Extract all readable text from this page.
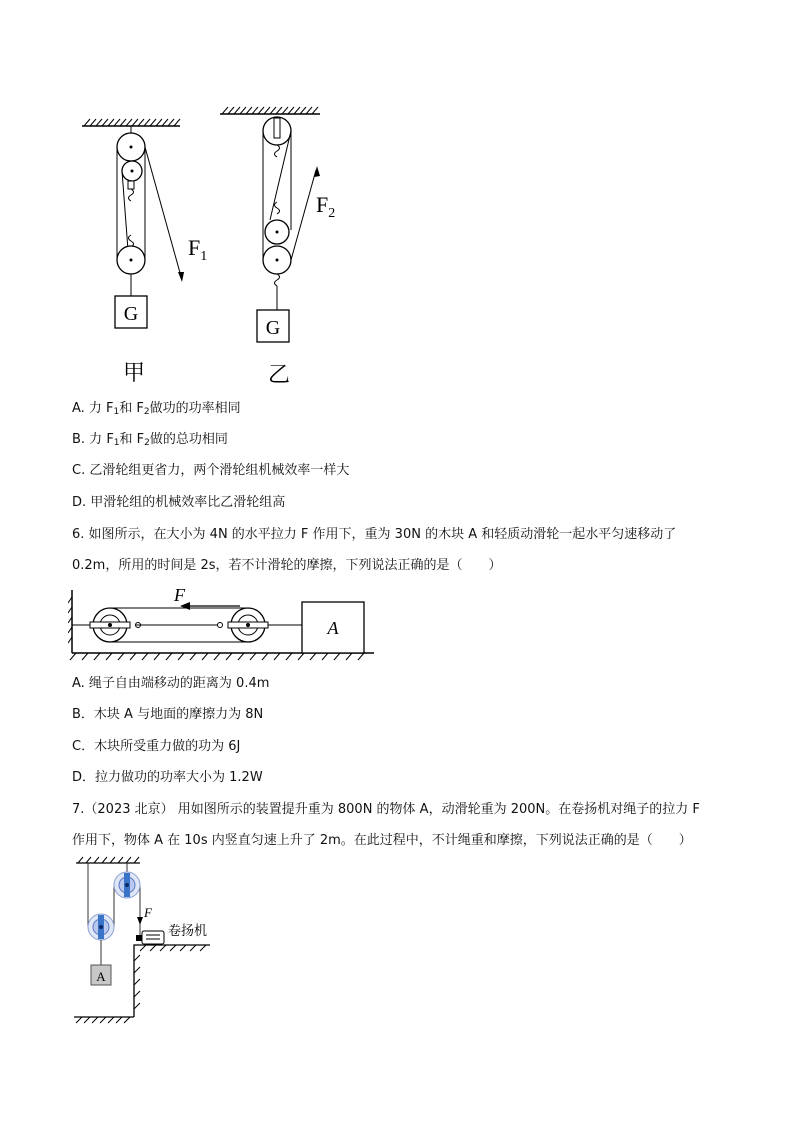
G
$F_1$
甲
G
$F_2$
乙
A. 力 $F_1$和 $F_2$做功的功率相同
B. 力 $F_1$和 $F_2$做的总功相同
C. 乙滑轮组更省力，两个滑轮组机械效率一样大
D. 甲滑轮组的机械效率比乙滑轮组高
6. 如图所示，在大小为 4N 的水平拉力 F 作用下，重为 30N 的木块 A 和轻质动滑轮一起水平匀速移动了
0.2m，所用的时间是 2s，若不计滑轮的摩擦，下列说法正确的是（　　）
F
A
A. 绳子自由端移动的距离为 0.4m
B．木块 A 与地面的摩擦力为 8N
C．木块所受重力做的功为 6J
D．拉力做功的功率大小为 1.2W
7.（2023 北京） 用如图所示的装置提升重为 800N 的物体 A，动滑轮重为 200N。在卷扬机对绳子的拉力 F
作用下，物体 A 在 10s 内竖直匀速上升了 2m。在此过程中，不计绳重和摩擦，下列说法正确的是（　　）
A
F
卷扬机
